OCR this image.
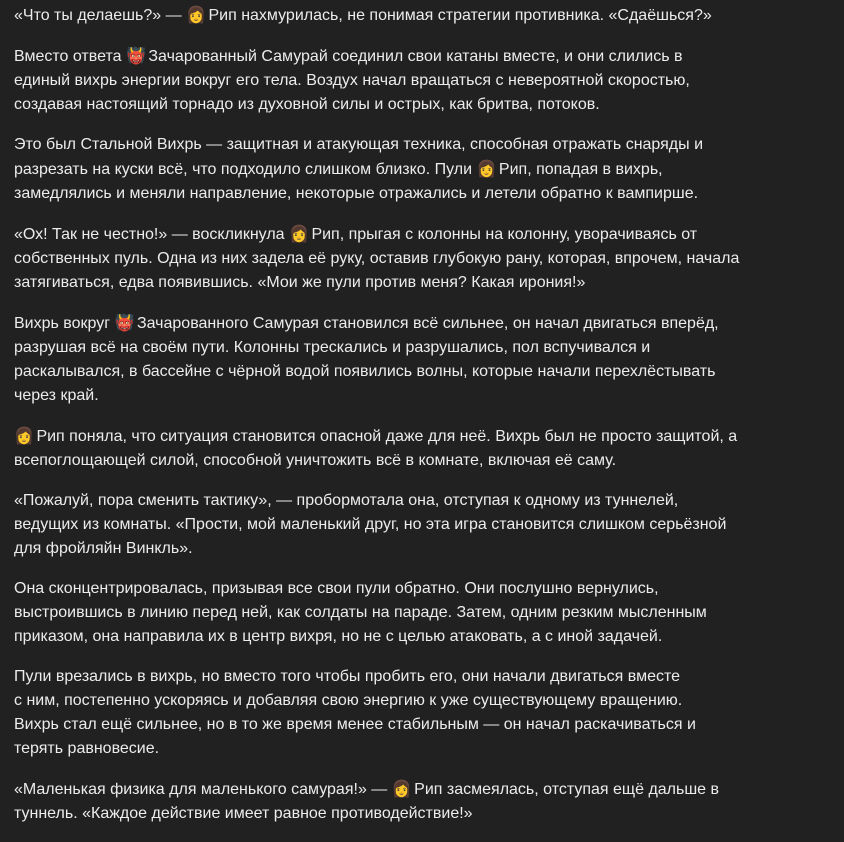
«Что ты делаешь?» — 👩 Рип нахмурилась, не понимая стратегии противника. «Сдаёшься?»

Вместо ответа 👹 Зачарованный Самурай соединил свои катаны вместе, и они слились в
единый вихрь энергии вокруг его тела. Воздух начал вращаться с невероятной скоростью,
создавая настоящий торнадо из духовной силы и острых, как бритва, потоков.

Это был Стальной Вихрь — защитная и атакующая техника, способная отражать снаряды и
разрезать на куски всё, что подходило слишком близко. Пули 👩 Рип, попадая в вихрь,
замедлялись и меняли направление, некоторые отражались и летели обратно к вампирше.

«Ох! Так не честно!» — воскликнула 👩 Рип, прыгая с колонны на колонну, уворачиваясь от
собственных пуль. Одна из них задела её руку, оставив глубокую рану, которая, впрочем, начала
затягиваться, едва появившись. «Мои же пули против меня? Какая ирония!»

Вихрь вокруг 👹 Зачарованного Самурая становился всё сильнее, он начал двигаться вперёд,
разрушая всё на своём пути. Колонны трескались и разрушались, пол вспучивался и
раскалывался, в бассейне с чёрной водой появились волны, которые начали перехлёстывать
через край.

👩 Рип поняла, что ситуация становится опасной даже для неё. Вихрь был не просто защитой, а
всепоглощающей силой, способной уничтожить всё в комнате, включая её саму.

«Пожалуй, пора сменить тактику», — пробормотала она, отступая к одному из туннелей,
ведущих из комнаты. «Прости, мой маленький друг, но эта игра становится слишком серьёзной
для фройляйн Винкль».

Она сконцентрировалась, призывая все свои пули обратно. Они послушно вернулись,
выстроившись в линию перед ней, как солдаты на параде. Затем, одним резким мысленным
приказом, она направила их в центр вихря, но не с целью атаковать, а с иной задачей.

Пули врезались в вихрь, но вместо того чтобы пробить его, они начали двигаться вместе
с ним, постепенно ускоряясь и добавляя свою энергию к уже существующему вращению.
Вихрь стал ещё сильнее, но в то же время менее стабильным — он начал раскачиваться и
терять равновесие.

«Маленькая физика для маленького самурая!» — 👩 Рип засмеялась, отступая ещё дальше в
туннель. «Каждое действие имеет равное противодействие!»
